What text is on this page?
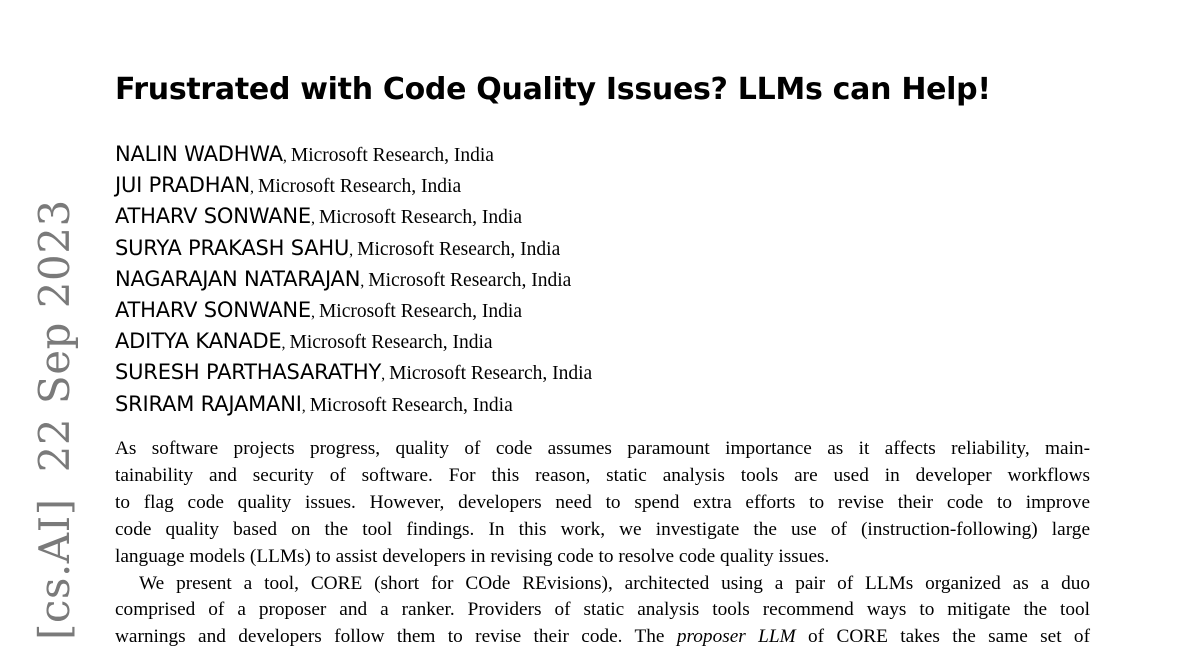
[cs.AI]22 Sep 2023
Frustrated with Code Quality Issues? LLMs can Help!
NALIN WADHWA, Microsoft Research, India
JUI PRADHAN, Microsoft Research, India
ATHARV SONWANE, Microsoft Research, India
SURYA PRAKASH SAHU, Microsoft Research, India
NAGARAJAN NATARAJAN, Microsoft Research, India
ATHARV SONWANE, Microsoft Research, India
ADITYA KANADE, Microsoft Research, India
SURESH PARTHASARATHY, Microsoft Research, India
SRIRAM RAJAMANI, Microsoft Research, India

As software projects progress, quality of code assumes paramount importance as it affects reliability, main-
tainability and security of software. For this reason, static analysis tools are used in developer workflows
to flag code quality issues. However, developers need to spend extra efforts to revise their code to improve
code quality based on the tool findings. In this work, we investigate the use of (instruction-following) large
language models (LLMs) to assist developers in revising code to resolve code quality issues.

We present a tool, CORE (short for COde REvisions), architected using a pair of LLMs organized as a duo
comprised of a proposer and a ranker. Providers of static analysis tools recommend ways to mitigate the tool
warnings and developers follow them to revise their code. The proposer LLM of CORE takes the same set of
